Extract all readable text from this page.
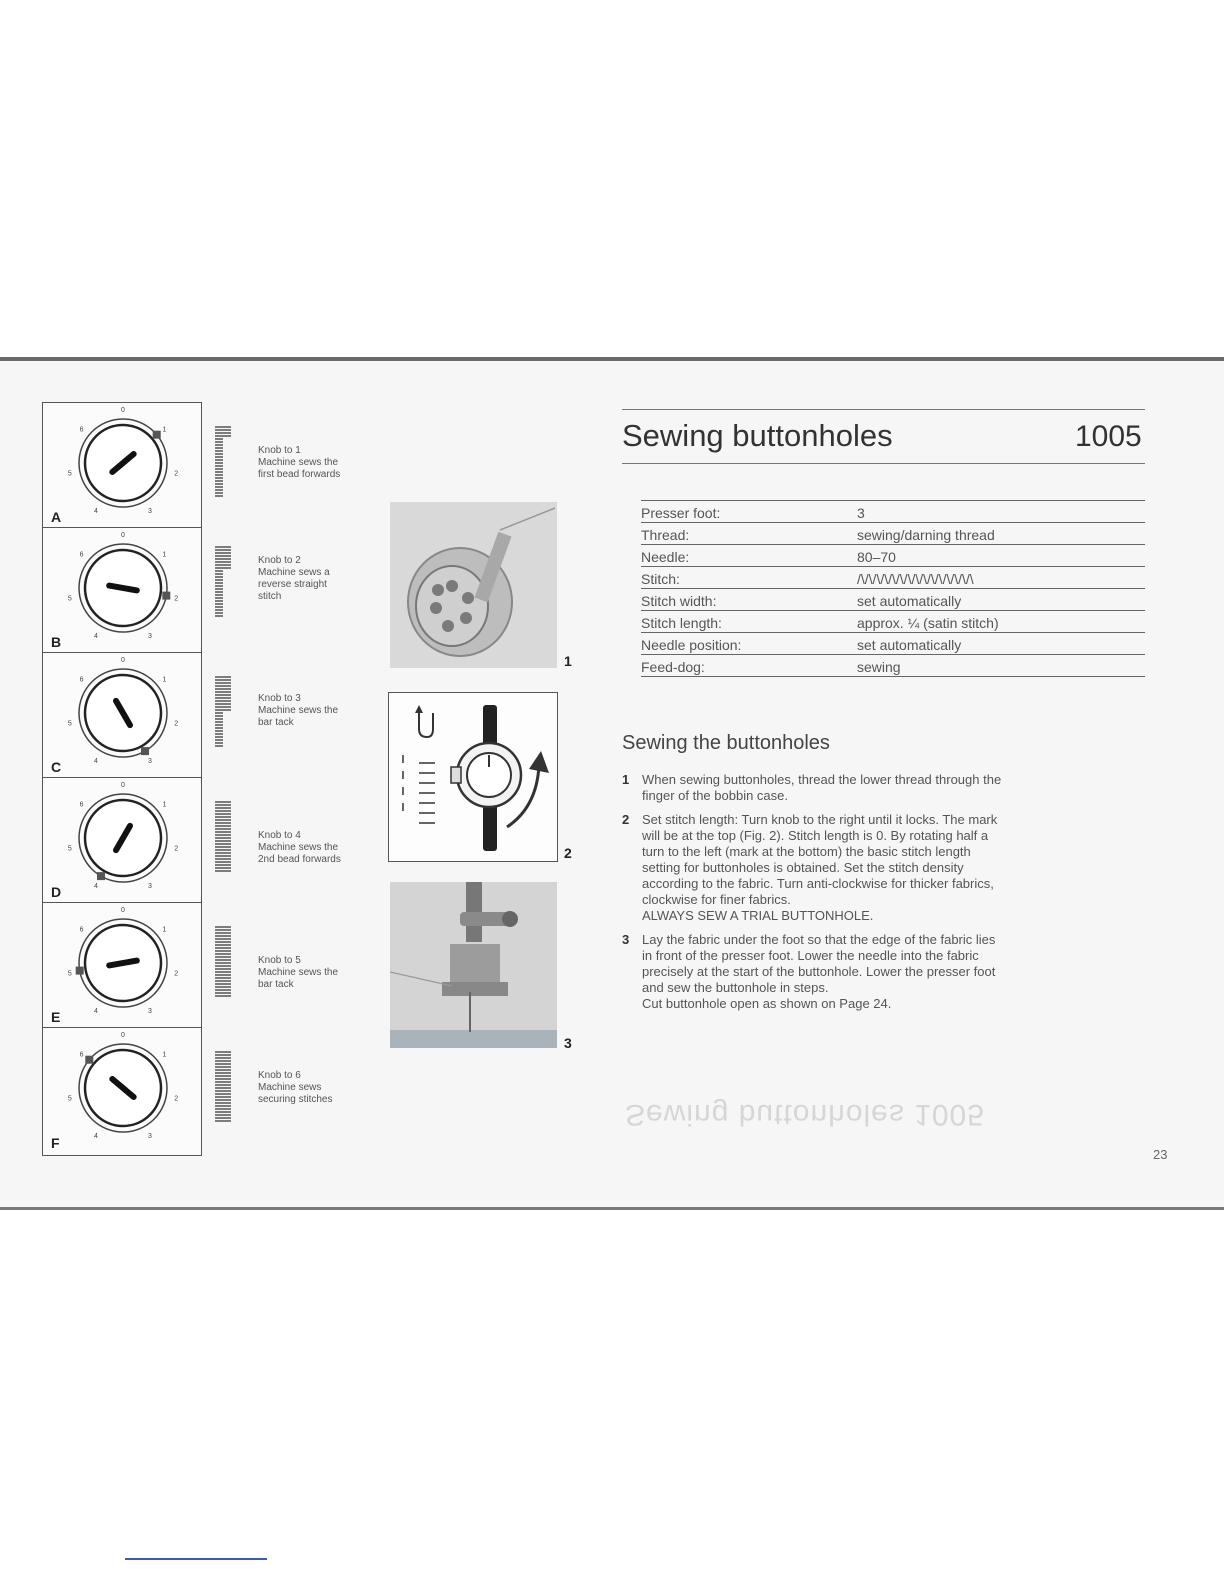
0
1
2
3
4
5
6
A
0
1
2
3
4
5
6
B
0
1
2
3
4
5
6
C
0
1
2
3
4
5
6
D
0
1
2
3
4
5
6
E
0
1
2
3
4
5
6
F
Knob to 1
Machine sews the
first bead forwards
Knob to 2
Machine sews a
reverse straight
stitch
Knob to 3
Machine sews the
bar tack
Knob to 4
Machine sews the
2nd bead forwards
Knob to 5
Machine sews the
bar tack
Knob to 6
Machine sews
securing stitches
1
2
3
Sewing buttonholes	1005
Presser foot:	3
Thread:	sewing/darning thread
Needle:	80–70
Stitch:	/\/\/\/\/\/\/\/\/\/\/\/\/\/\/\
Stitch width:	set automatically
Stitch length:	approx. ¼ (satin stitch)
Needle position:	set automatically
Feed-dog:	sewing
Sewing the buttonholes
1 When sewing buttonholes, thread the lower thread through the
finger of the bobbin case.
2 Set stitch length: Turn knob to the right until it locks. The mark
will be at the top (Fig. 2). Stitch length is 0. By rotating half a
turn to the left (mark at the bottom) the basic stitch length
setting for buttonholes is obtained. Set the stitch density
according to the fabric. Turn anti-clockwise for thicker fabrics,
clockwise for finer fabrics.
ALWAYS SEW A TRIAL BUTTONHOLE.
3 Lay the fabric under the foot so that the edge of the fabric lies
in front of the presser foot. Lower the needle into the fabric
precisely at the start of the buttonhole. Lower the presser foot
and sew the buttonhole in steps.
Cut buttonhole open as shown on Page 24.
Sewing buttonholes 1005
23
